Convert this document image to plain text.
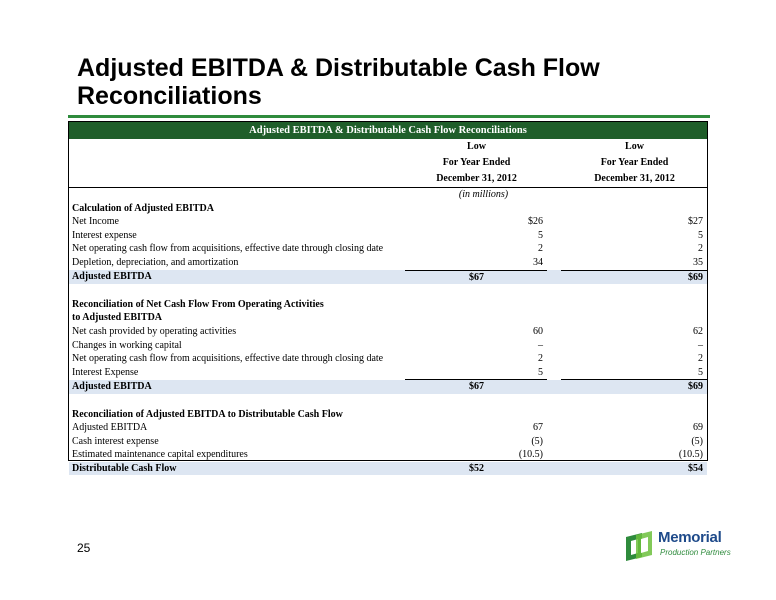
Adjusted EBITDA & Distributable Cash Flow Reconciliations
Adjusted EBITDA & Distributable Cash Flow Reconciliations
		Low		Low
		For Year Ended		For Year Ended
		December 31, 2012		December 31, 2012
		(in millions)		
Calculation of Adjusted EBITDA				
Net Income		$26		$27
Interest expense		5		5
Net operating cash flow from acquisitions, effective date through closing date		2		2
Depletion, depreciation, and amortization		34		35
Adjusted EBITDA		$67		$69

Reconciliation of Net Cash Flow From Operating Activities				
to Adjusted EBITDA				
Net cash provided by operating activities		60		62
Changes in working capital		–		–
Net operating cash flow from acquisitions, effective date through closing date		2		2
Interest Expense		5		5
Adjusted EBITDA		$67		$69

Reconciliation of Adjusted EBITDA to Distributable Cash Flow				
Adjusted EBITDA		67		69
Cash interest expense		(5)		(5)
Estimated maintenance capital expenditures		(10.5)		(10.5)
Distributable Cash Flow		$52		$54
25
Memorial
Production Partners
